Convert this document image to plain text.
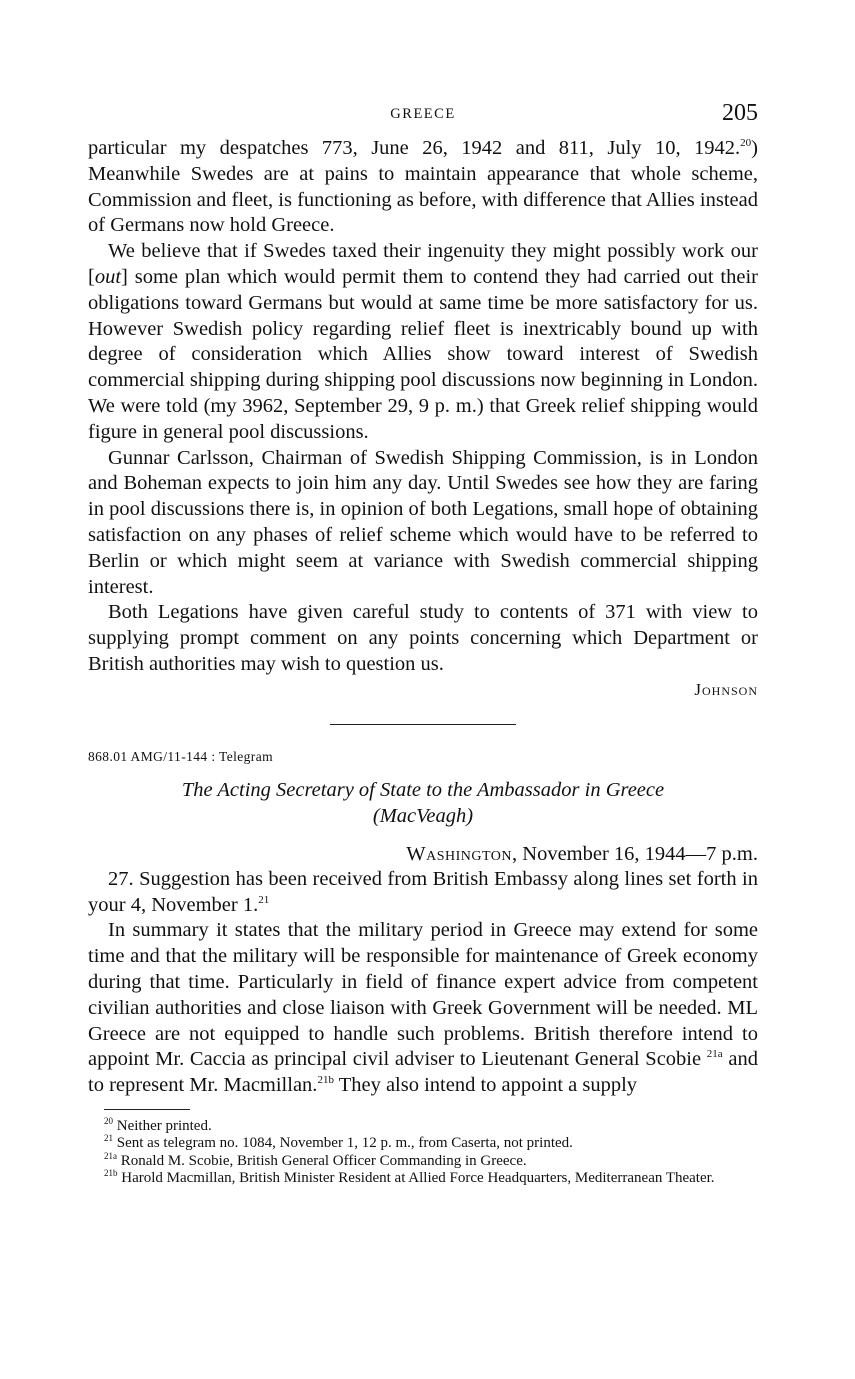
GREECE	205

particular my despatches 773, June 26, 1942 and 811, July 10, 1942.20) Meanwhile Swedes are at pains to maintain appearance that whole scheme, Commission and fleet, is functioning as before, with difference that Allies instead of Germans now hold Greece.

We believe that if Swedes taxed their ingenuity they might possibly work our [out] some plan which would permit them to contend they had carried out their obligations toward Germans but would at same time be more satisfactory for us. However Swedish policy regarding relief fleet is inextricably bound up with degree of consideration which Allies show toward interest of Swedish commercial shipping during shipping pool discussions now beginning in London. We were told (my 3962, September 29, 9 p. m.) that Greek relief shipping would figure in general pool discussions.

Gunnar Carlsson, Chairman of Swedish Shipping Commission, is in London and Boheman expects to join him any day. Until Swedes see how they are faring in pool discussions there is, in opinion of both Legations, small hope of obtaining satisfaction on any phases of relief scheme which would have to be referred to Berlin or which might seem at variance with Swedish commercial shipping interest.

Both Legations have given careful study to contents of 371 with view to supplying prompt comment on any points concerning which Department or British authorities may wish to question us.

Johnson
868.01 AMG/11-144 : Telegram
The Acting Secretary of State to the Ambassador in Greece
(MacVeagh)
Washington, November 16, 1944—7 p.m.

27. Suggestion has been received from British Embassy along lines set forth in your 4, November 1.21

In summary it states that the military period in Greece may extend for some time and that the military will be responsible for maintenance of Greek economy during that time. Particularly in field of finance expert advice from competent civilian authorities and close liaison with Greek Government will be needed. ML Greece are not equipped to handle such problems. British therefore intend to appoint Mr. Caccia as principal civil adviser to Lieutenant General Scobie $^{21a}$ and to represent Mr. Macmillan.$^{21b}$ They also intend to appoint a supply

$^{20}$ Neither printed.

$^{21}$ Sent as telegram no. 1084, November 1, 12 p. m., from Caserta, not printed.

$^{21a}$ Ronald M. Scobie, British General Officer Commanding in Greece.

$^{21b}$ Harold Macmillan, British Minister Resident at Allied Force Headquarters, Mediterranean Theater.
